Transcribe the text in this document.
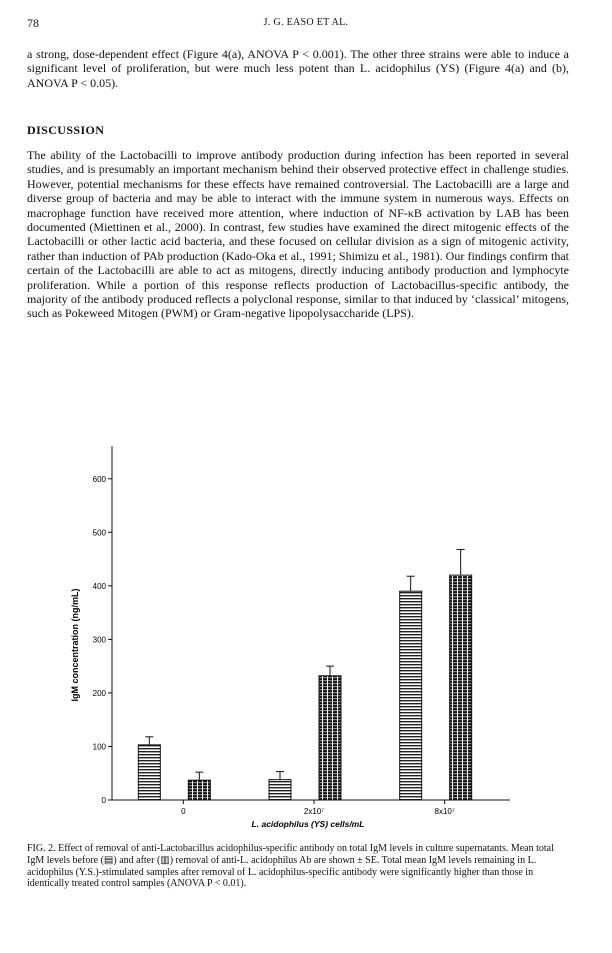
78	J. G. EASO ET AL.

a strong, dose-dependent effect (Figure 4(a), ANOVA P < 0.001). The other three strains were able to induce a significant level of proliferation, but were much less potent than L. acidophilus (YS) (Figure 4(a) and (b), ANOVA P < 0.05).

DISCUSSION

The ability of the Lactobacilli to improve antibody production during infection has been reported in several studies, and is presumably an important mechanism behind their observed protective effect in challenge studies. However, potential mechanisms for these effects have remained controversial. The Lactobacilli are a large and diverse group of bacteria and may be able to interact with the immune system in numerous ways. Effects on macrophage function have received more attention, where induction of NF-κB activation by LAB has been documented (Miettinen et al., 2000). In contrast, few studies have examined the direct mitogenic effects of the Lactobacilli or other lactic acid bacteria, and these focused on cellular division as a sign of mitogenic activity, rather than induction of PAb production (Kado-Oka et al., 1991; Shimizu et al., 1981). Our findings confirm that certain of the Lactobacilli are able to act as mitogens, directly inducing antibody production and lymphocyte proliferation. While a portion of this response reflects production of Lactobacillus-specific antibody, the majority of the antibody produced reflects a polyclonal response, similar to that induced by ‘classical’ mitogens, such as Pokeweed Mitogen (PWM) or Gram-negative lipopolysaccharide (LPS).

0
100
200
300
400
500
600
0	2x10⁷	8x10⁷
IgM concentration (ng/mL)
L. acidophilus (YS) cells/mL

FIG. 2. Effect of removal of anti-Lactobacillus acidophilus-specific antibody on total IgM levels in culture supernatants. Mean total IgM levels before (▤) and after (▥) removal of anti-L. acidophilus Ab are shown ± SE. Total mean IgM levels remaining in L. acidophilus (Y.S.)-stimulated samples after removal of L. acidophilus-specific antibody were significantly higher than those in identically treated control samples (ANOVA P < 0.01).
